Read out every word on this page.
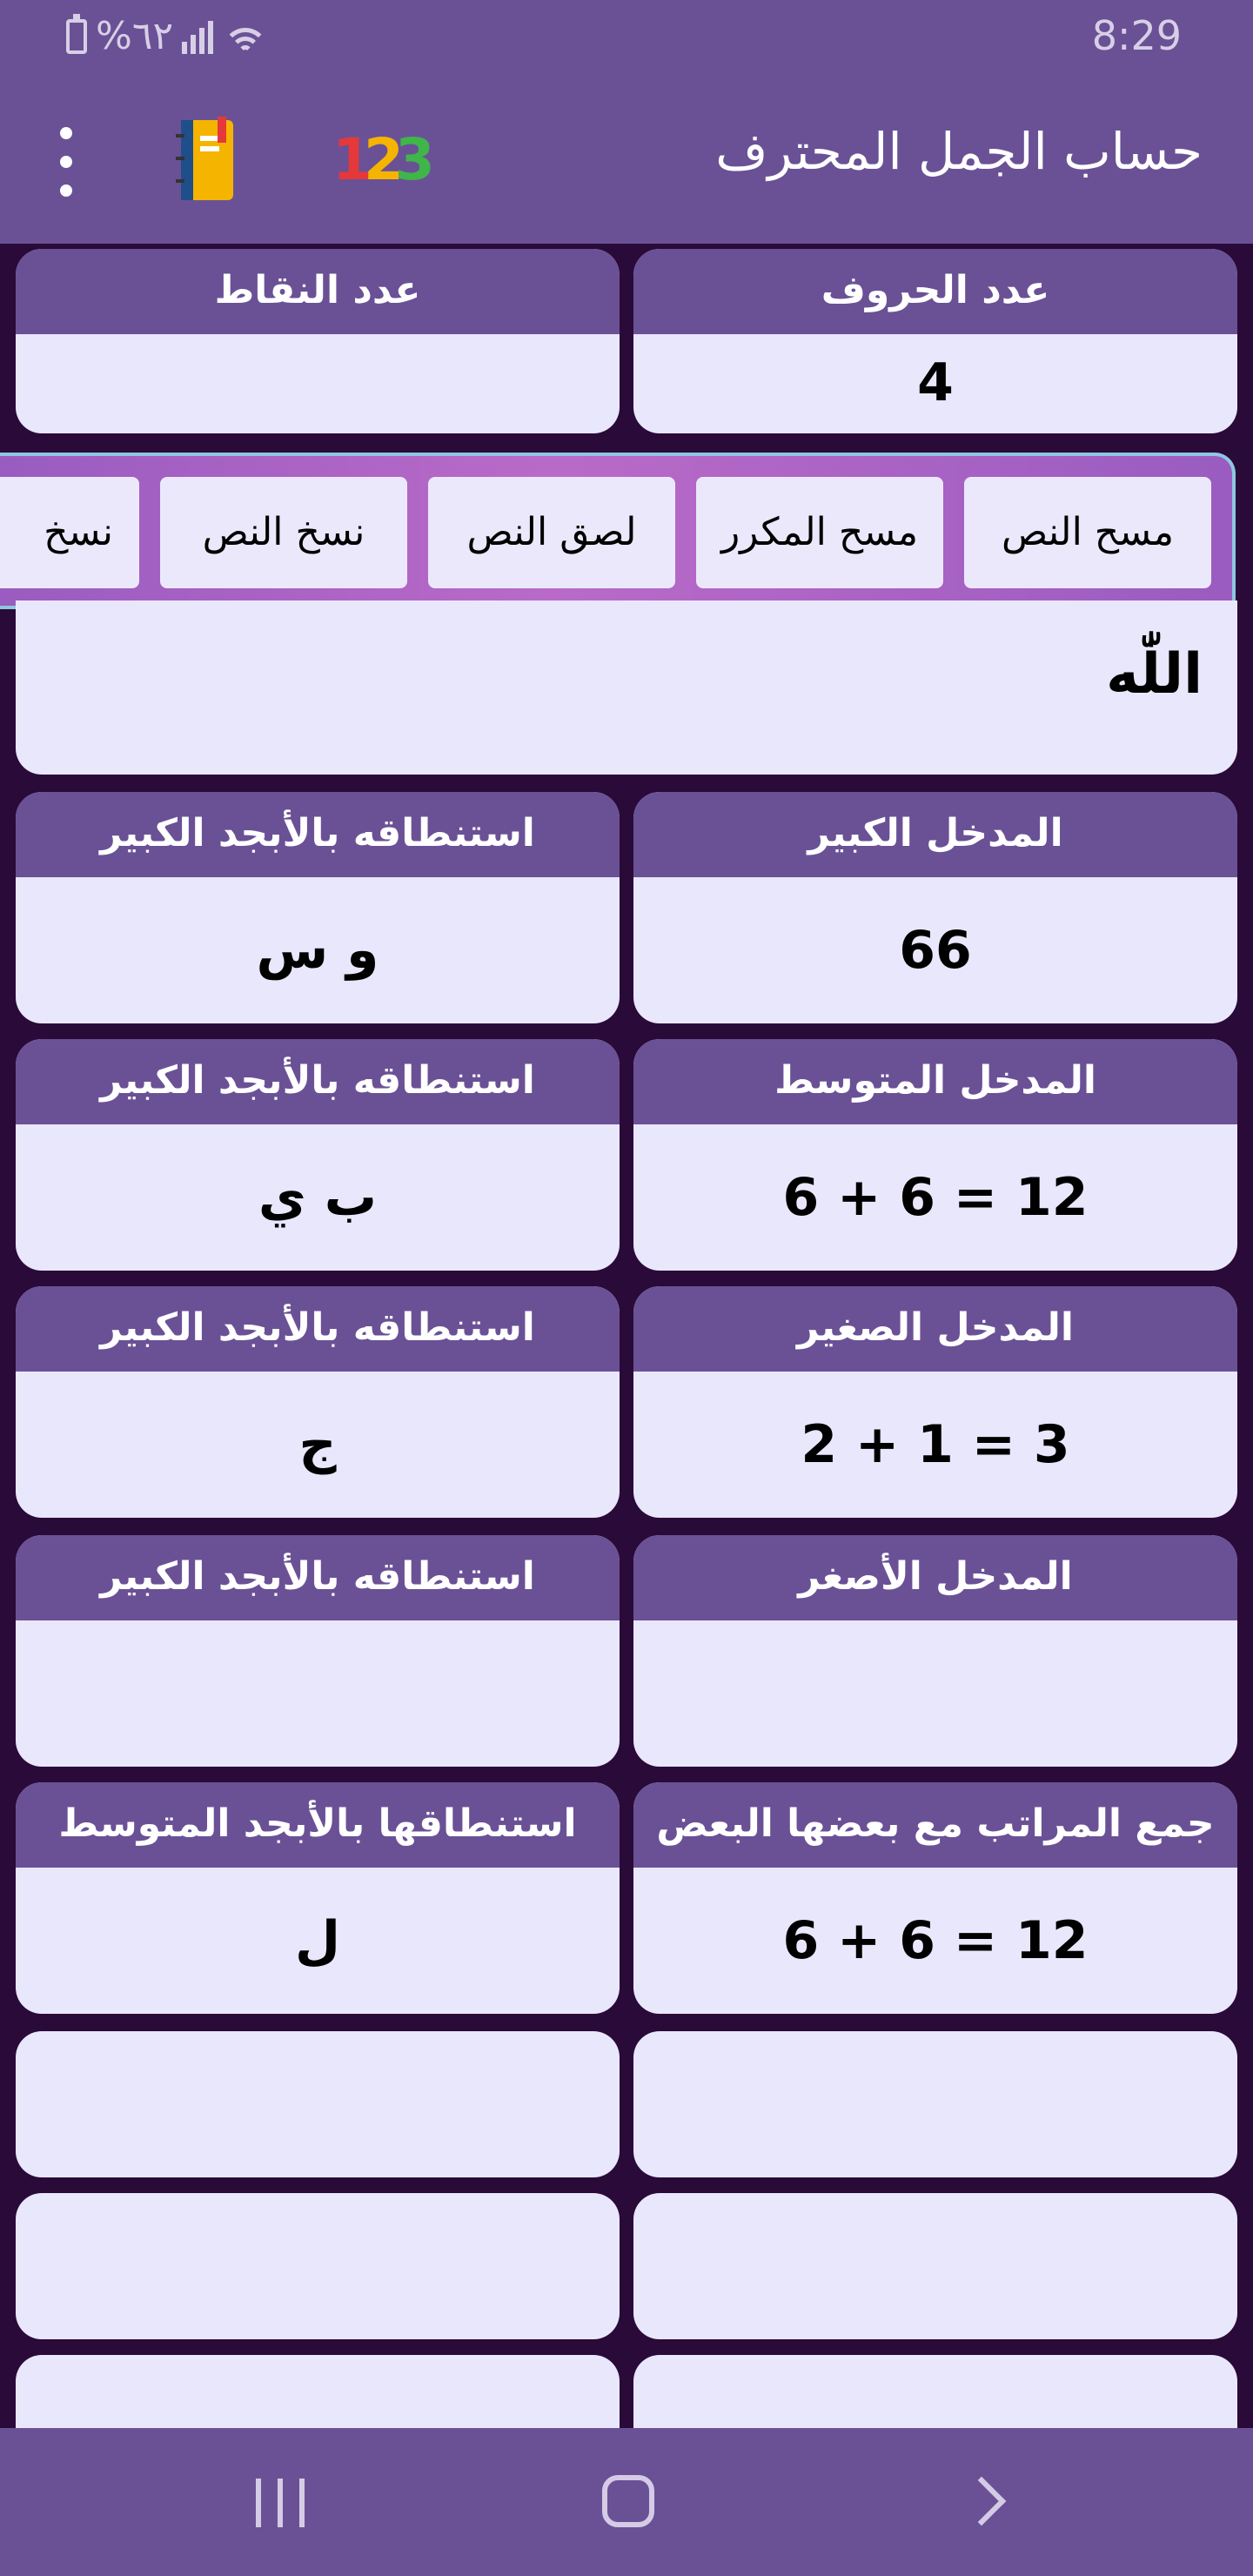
%٦٢	8:29
123	حساب الجمل المحترف
عدد الحروف
4
عدد النقاط
مسح النص
مسح المكرر
لصق النص
نسخ النص
نسخ
اللّٰه
المدخل الكبير
66
استنطاقه بالأبجد الكبير
و س
المدخل المتوسط
6 + 6 = 12
استنطاقه بالأبجد الكبير
ب ي
المدخل الصغير
2 + 1 = 3
استنطاقه بالأبجد الكبير
ج
المدخل الأصغر
استنطاقه بالأبجد الكبير
جمع المراتب مع بعضها البعض
6 + 6 = 12
استنطاقها بالأبجد المتوسط
ل
